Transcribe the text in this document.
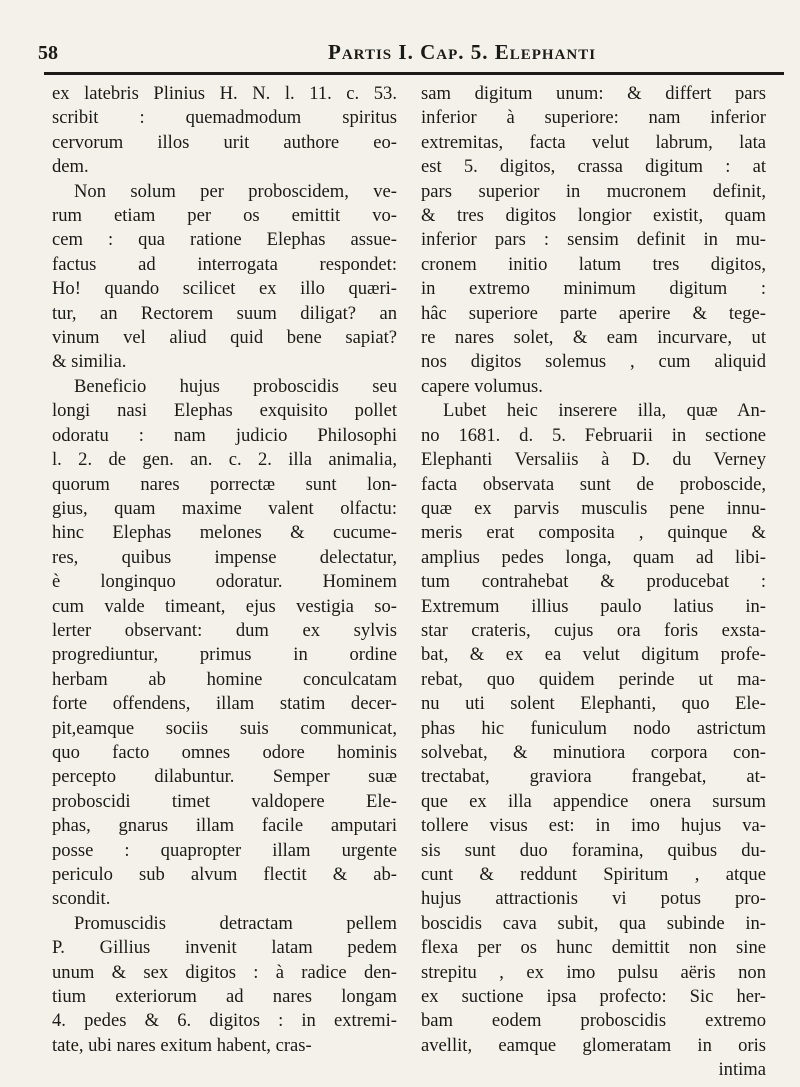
58	Partis I. Cap. 5. Elephanti
ex latebris Plinius H. N. l. 11. c. 53.
scribit : quemadmodum spiritus
cervorum illos urit authore eo-
dem.
Non solum per proboscidem, ve-
rum etiam per os emittit vo-
cem : qua ratione Elephas assue-
factus ad interrogata respondet:
Ho! quando scilicet ex illo quæri-
tur, an Rectorem suum diligat? an
vinum vel aliud quid bene sapiat?
& similia.
Beneficio hujus proboscidis seu
longi nasi Elephas exquisito pollet
odoratu : nam judicio Philosophi
l. 2. de gen. an. c. 2. illa animalia,
quorum nares porrectæ sunt lon-
gius, quam maxime valent olfactu:
hinc Elephas melones & cucume-
res, quibus impense delectatur,
è longinquo odoratur. Hominem
cum valde timeant, ejus vestigia so-
lerter observant: dum ex sylvis
progrediuntur, primus in ordine
herbam ab homine conculcatam
forte offendens, illam statim decer-
pit,eamque sociis suis communicat,
quo facto omnes odore hominis
percepto dilabuntur. Semper suæ
proboscidi timet valdopere Ele-
phas, gnarus illam facile amputari
posse : quapropter illam urgente
periculo sub alvum flectit & ab-
scondit.
Promuscidis detractam pellem
P. Gillius invenit latam pedem
unum & sex digitos : à radice den-
tium exteriorum ad nares longam
4. pedes & 6. digitos : in extremi-
tate, ubi nares exitum habent, cras-
sam digitum unum: & differt pars
inferior à superiore: nam inferior
extremitas, facta velut labrum, lata
est 5. digitos, crassa digitum : at
pars superior in mucronem definit,
& tres digitos longior existit, quam
inferior pars : sensim definit in mu-
cronem initio latum tres digitos,
in extremo minimum digitum :
hâc superiore parte aperire & tege-
re nares solet, & eam incurvare, ut
nos digitos solemus , cum aliquid
capere volumus.
Lubet heic inserere illa, quæ An-
no 1681. d. 5. Februarii in sectione
Elephanti Versaliis à D. du Verney
facta observata sunt de proboscide,
quæ ex parvis musculis pene innu-
meris erat composita , quinque &
amplius pedes longa, quam ad libi-
tum contrahebat & producebat :
Extremum illius paulo latius in-
star crateris, cujus ora foris exsta-
bat, & ex ea velut digitum profe-
rebat, quo quidem perinde ut ma-
nu uti solent Elephanti, quo Ele-
phas hic funiculum nodo astrictum
solvebat, & minutiora corpora con-
trectabat, graviora frangebat, at-
que ex illa appendice onera sursum
tollere visus est: in imo hujus va-
sis sunt duo foramina, quibus du-
cunt & reddunt Spiritum , atque
hujus attractionis vi potus pro-
boscidis cava subit, qua subinde in-
flexa per os hunc demittit non sine
strepitu , ex imo pulsu aëris non
ex suctione ipsa profecto: Sic her-
bam eodem proboscidis extremo
avellit, eamque glomeratam in oris
intima
